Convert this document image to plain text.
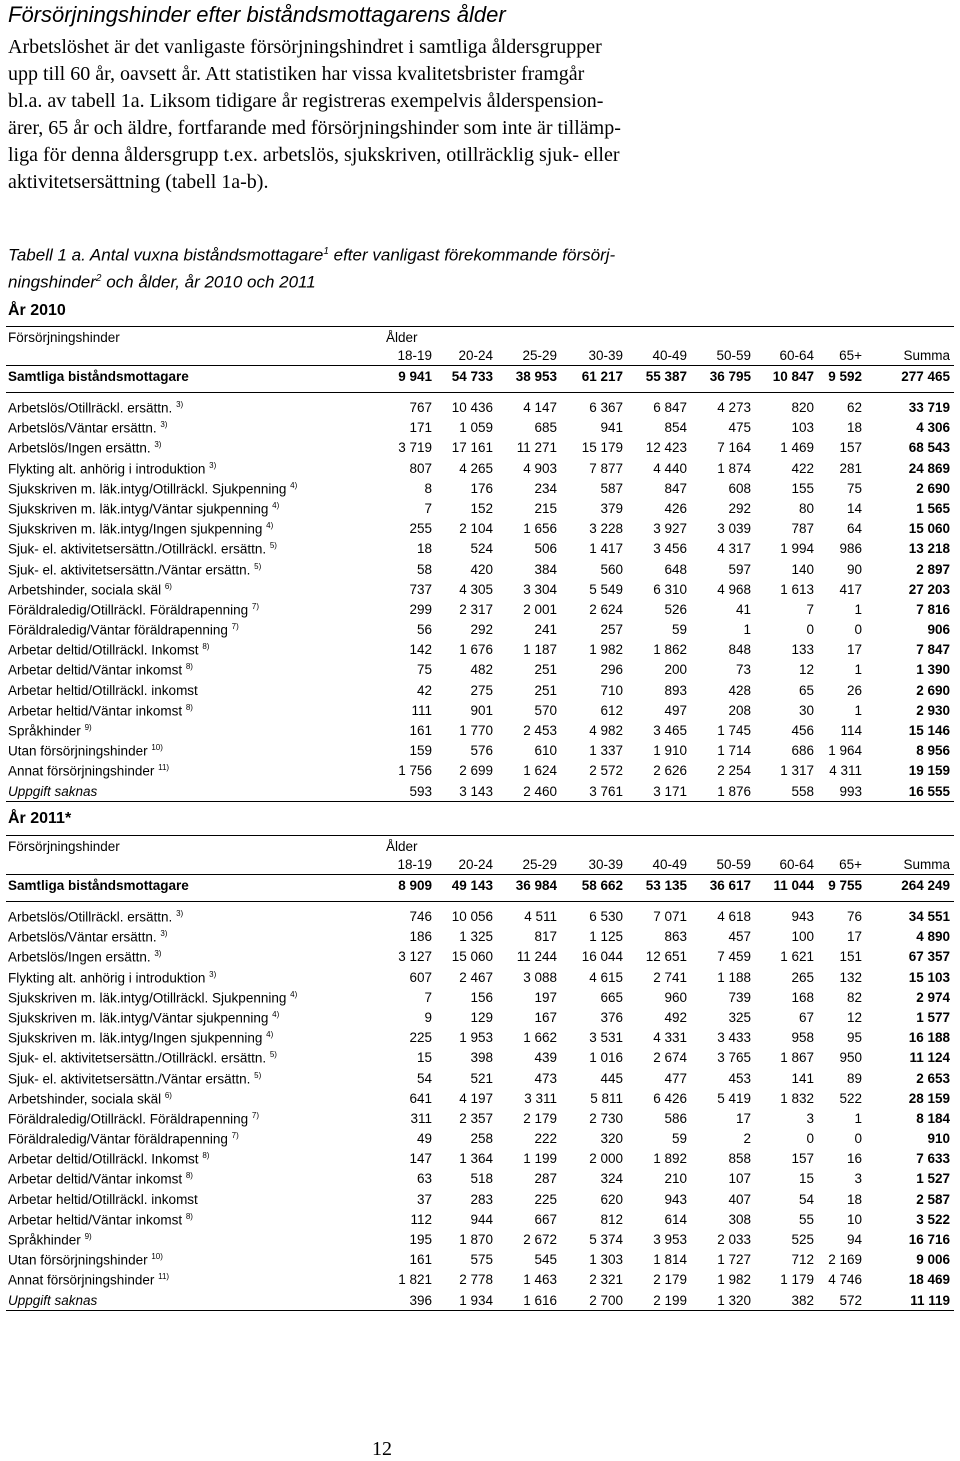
Försörjningshinder efter biståndsmottagarens ålder
Arbetslöshet är det vanligaste försörjningshindret i samtliga åldersgrupper
upp till 60 år, oavsett år. Att statistiken har vissa kvalitetsbrister framgår
bl.a. av tabell 1a. Liksom tidigare år registreras exempelvis ålderspension-
ärer, 65 år och äldre, fortfarande med försörjningshinder som inte är tillämp-
liga för denna åldersgrupp t.ex. arbetslös, sjukskriven, otillräcklig sjuk- eller
aktivitetsersättning (tabell 1a-b).
Tabell 1 a. Antal vuxna biståndsmottagare$^1$ efter vanligast förekommande försörj-
ningshinder$^2$ och ålder, år 2010 och 2011
År 2010
Försörjningshinder	Ålder
18-19	20-24	25-29	30-39	40-49	50-59	60-64	65+	Summa
Samtliga biståndsmottagare	9 941	54 733	38 953	61 217	55 387	36 795	10 847	9 592	277 465
Arbetslös/Otillräckl. ersättn. $^{3)}$	767	10 436	4 147	6 367	6 847	4 273	820	62	33 719
Arbetslös/Väntar ersättn. $^{3)}$	171	1 059	685	941	854	475	103	18	4 306
Arbetslös/Ingen ersättn. $^{3)}$	3 719	17 161	11 271	15 179	12 423	7 164	1 469	157	68 543
Flykting alt. anhörig i introduktion $^{3)}$	807	4 265	4 903	7 877	4 440	1 874	422	281	24 869
Sjukskriven m. läk.intyg/Otillräckl. Sjukpenning $^{4)}$	8	176	234	587	847	608	155	75	2 690
Sjukskriven m. läk.intyg/Väntar sjukpenning $^{4)}$	7	152	215	379	426	292	80	14	1 565
Sjukskriven m. läk.intyg/Ingen sjukpenning $^{4)}$	255	2 104	1 656	3 228	3 927	3 039	787	64	15 060
Sjuk- el. aktivitetsersättn./Otillräckl. ersättn. $^{5)}$	18	524	506	1 417	3 456	4 317	1 994	986	13 218
Sjuk- el. aktivitetsersättn./Väntar ersättn. $^{5)}$	58	420	384	560	648	597	140	90	2 897
Arbetshinder, sociala skäl $^{6)}$	737	4 305	3 304	5 549	6 310	4 968	1 613	417	27 203
Föräldraledig/Otillräckl. Föräldrapenning $^{7)}$	299	2 317	2 001	2 624	526	41	7	1	7 816
Föräldraledig/Väntar föräldrapenning $^{7)}$	56	292	241	257	59	1	0	0	906
Arbetar deltid/Otillräckl. Inkomst $^{8)}$	142	1 676	1 187	1 982	1 862	848	133	17	7 847
Arbetar deltid/Väntar inkomst $^{8)}$	75	482	251	296	200	73	12	1	1 390
Arbetar heltid/Otillräckl. inkomst	42	275	251	710	893	428	65	26	2 690
Arbetar heltid/Väntar inkomst $^{8)}$	111	901	570	612	497	208	30	1	2 930
Språkhinder $^{9)}$	161	1 770	2 453	4 982	3 465	1 745	456	114	15 146
Utan försörjningshinder $^{10)}$	159	576	610	1 337	1 910	1 714	686	1 964	8 956
Annat försörjningshinder $^{11)}$	1 756	2 699	1 624	2 572	2 626	2 254	1 317	4 311	19 159
Uppgift saknas	593	3 143	2 460	3 761	3 171	1 876	558	993	16 555
År 2011*
Försörjningshinder	Ålder
18-19	20-24	25-29	30-39	40-49	50-59	60-64	65+	Summa
Samtliga biståndsmottagare	8 909	49 143	36 984	58 662	53 135	36 617	11 044	9 755	264 249
Arbetslös/Otillräckl. ersättn. $^{3)}$	746	10 056	4 511	6 530	7 071	4 618	943	76	34 551
Arbetslös/Väntar ersättn. $^{3)}$	186	1 325	817	1 125	863	457	100	17	4 890
Arbetslös/Ingen ersättn. $^{3)}$	3 127	15 060	11 244	16 044	12 651	7 459	1 621	151	67 357
Flykting alt. anhörig i introduktion $^{3)}$	607	2 467	3 088	4 615	2 741	1 188	265	132	15 103
Sjukskriven m. läk.intyg/Otillräckl. Sjukpenning $^{4)}$	7	156	197	665	960	739	168	82	2 974
Sjukskriven m. läk.intyg/Väntar sjukpenning $^{4)}$	9	129	167	376	492	325	67	12	1 577
Sjukskriven m. läk.intyg/Ingen sjukpenning $^{4)}$	225	1 953	1 662	3 531	4 331	3 433	958	95	16 188
Sjuk- el. aktivitetsersättn./Otillräckl. ersättn. $^{5)}$	15	398	439	1 016	2 674	3 765	1 867	950	11 124
Sjuk- el. aktivitetsersättn./Väntar ersättn. $^{5)}$	54	521	473	445	477	453	141	89	2 653
Arbetshinder, sociala skäl $^{6)}$	641	4 197	3 311	5 811	6 426	5 419	1 832	522	28 159
Föräldraledig/Otillräckl. Föräldrapenning $^{7)}$	311	2 357	2 179	2 730	586	17	3	1	8 184
Föräldraledig/Väntar föräldrapenning $^{7)}$	49	258	222	320	59	2	0	0	910
Arbetar deltid/Otillräckl. Inkomst $^{8)}$	147	1 364	1 199	2 000	1 892	858	157	16	7 633
Arbetar deltid/Väntar inkomst $^{8)}$	63	518	287	324	210	107	15	3	1 527
Arbetar heltid/Otillräckl. inkomst	37	283	225	620	943	407	54	18	2 587
Arbetar heltid/Väntar inkomst $^{8)}$	112	944	667	812	614	308	55	10	3 522
Språkhinder $^{9)}$	195	1 870	2 672	5 374	3 953	2 033	525	94	16 716
Utan försörjningshinder $^{10)}$	161	575	545	1 303	1 814	1 727	712	2 169	9 006
Annat försörjningshinder $^{11)}$	1 821	2 778	1 463	2 321	2 179	1 982	1 179	4 746	18 469
Uppgift saknas	396	1 934	1 616	2 700	2 199	1 320	382	572	11 119
12
